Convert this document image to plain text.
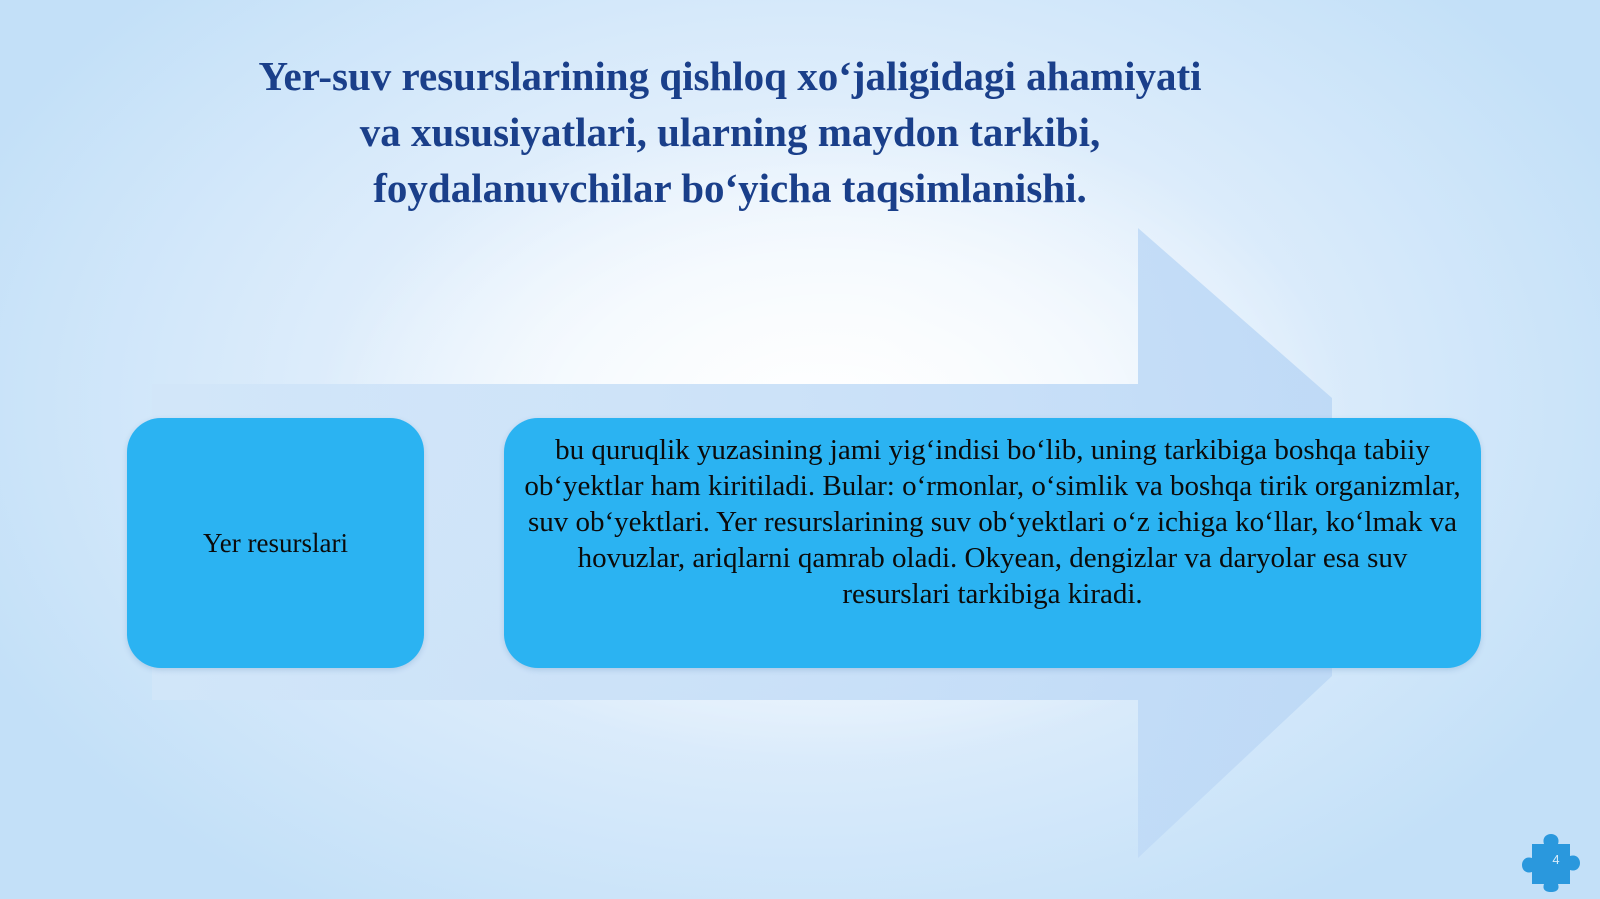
Yer-suv resurslarining qishloq xo‘jaligidagi ahamiyati
va xususiyatlari, ularning maydon tarkibi,
foydalanuvchilar bo‘yicha taqsimlanishi.
Yer resurslari

bu quruqlik yuzasining jami yig‘indisi bo‘lib, uning tarkibiga boshqa tabiiy ob‘yektlar ham kiritiladi. Bular: o‘rmonlar, o‘simlik va boshqa tirik organizmlar, suv ob‘yektlari. Yer resurslarining suv ob‘yektlari o‘z ichiga ko‘llar, ko‘lmak va hovuzlar, ariqlarni qamrab oladi. Okyean, dengizlar va daryolar esa suv resurslari tarkibiga kiradi.

4
